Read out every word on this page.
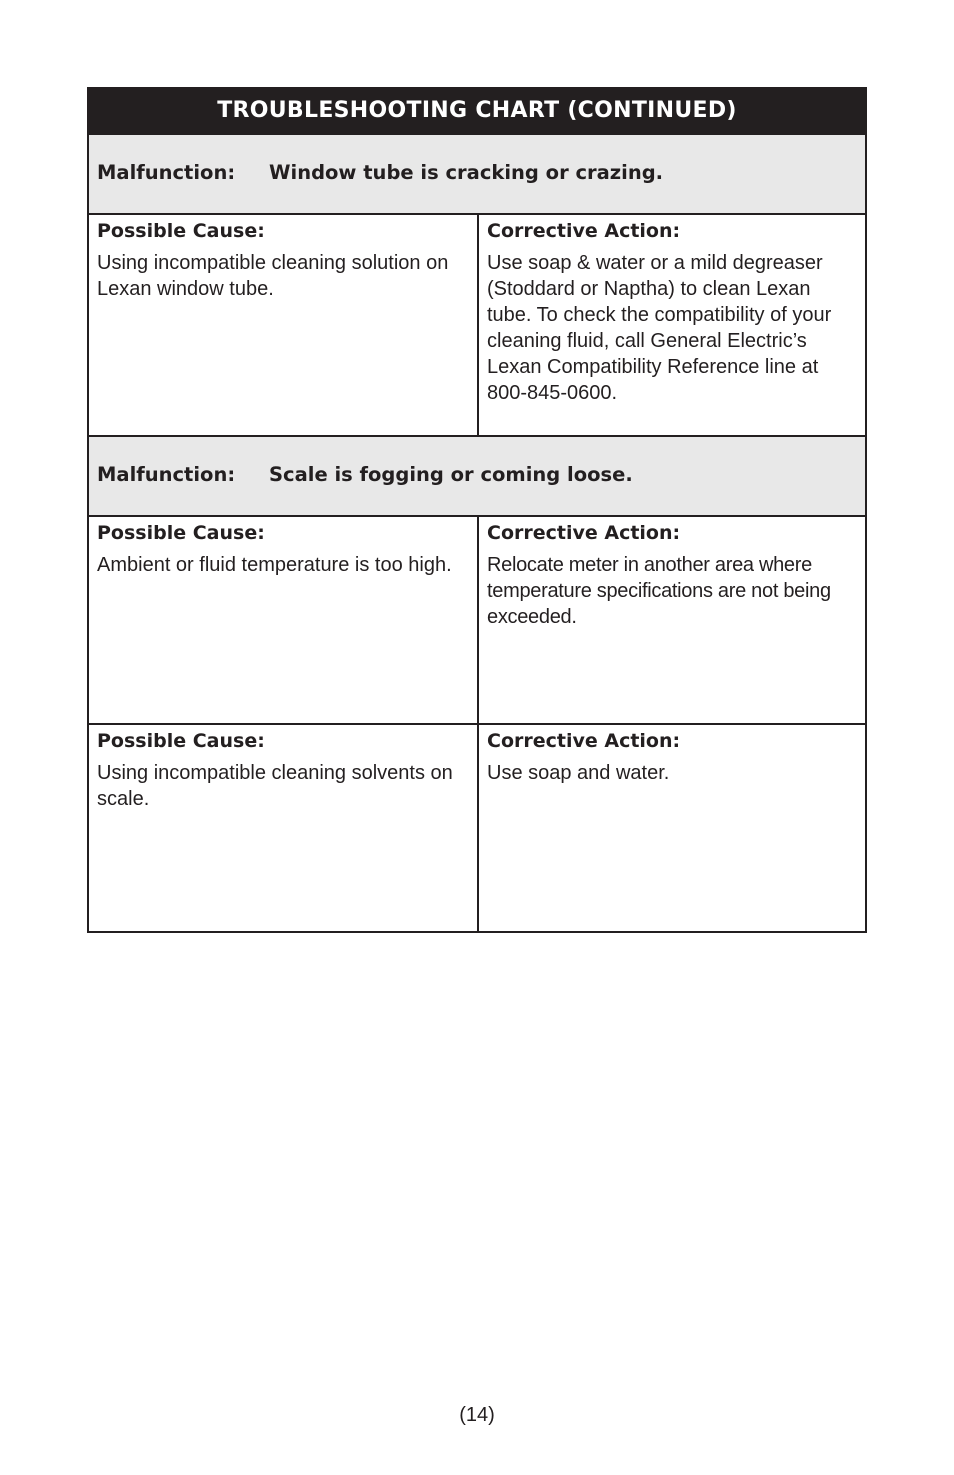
TROUBLESHOOTING CHART (CONTINUED)
Malfunction: Window tube is cracking or crazing.
Possible Cause:
Using incompatible cleaning solution on Lexan window tube.
Corrective Action:
Use soap & water or a mild degreaser (Stoddard or Naptha) to clean Lexan tube. To check the compatibility of your cleaning fluid, call General Electric’s Lexan Compatibility Reference line at 800-845-0600.
Malfunction: Scale is fogging or coming loose.
Possible Cause:
Ambient or fluid temperature is too high.
Corrective Action:
Relocate meter in another area where temperature specifications are not being exceeded.
Possible Cause:
Using incompatible cleaning solvents on scale.
Corrective Action:
Use soap and water.
(14)
